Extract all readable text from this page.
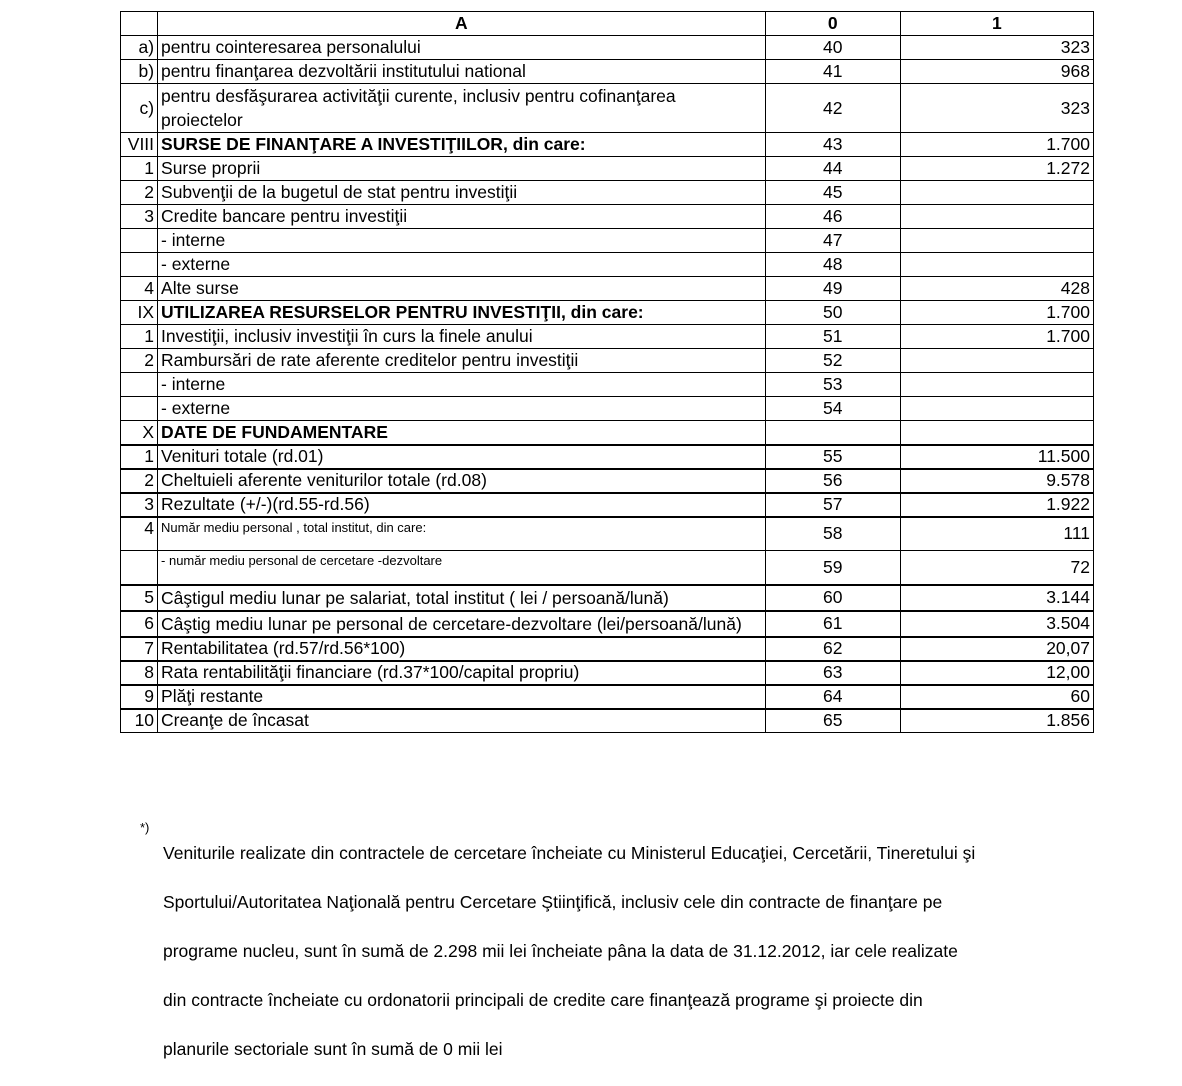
	A	0	1
a)	pentru cointeresarea personalului	40	323
b)	pentru finanţarea dezvoltării institutului national	41	968
c)	pentru desfăşurarea activităţii curente, inclusiv pentru cofinanţarea proiectelor	42	323
VIII	SURSE DE FINANŢARE A INVESTIŢIILOR, din care:	43	1.700
1	Surse proprii	44	1.272
2	Subvenţii de la bugetul de stat pentru investiţii	45	
3	Credite bancare pentru investiţii	46	
	- interne	47	
	- externe	48	
4	Alte surse	49	428
IX	UTILIZAREA RESURSELOR PENTRU INVESTIŢII, din care:	50	1.700
1	Investiţii, inclusiv investiţii în curs la finele anului	51	1.700
2	Rambursări de rate aferente creditelor pentru investiţii	52	
	- interne	53	
	- externe	54	
X	DATE DE FUNDAMENTARE		
1	Venituri totale (rd.01)	55	11.500
2	Cheltuieli aferente veniturilor totale (rd.08)	56	9.578
3	Rezultate (+/-)(rd.55-rd.56)	57	1.922
4	Număr mediu personal , total institut, din care:	58	111
	- număr mediu personal de cercetare -dezvoltare	59	72
5	Câştigul mediu lunar pe salariat, total institut ( lei / persoană/lună)	60	3.144
6	Câştig mediu lunar pe personal de cercetare-dezvoltare (lei/persoană/lună)	61	3.504
7	Rentabilitatea (rd.57/rd.56*100)	62	20,07
8	Rata rentabilităţii financiare (rd.37*100/capital propriu)	63	12,00
9	Plăţi restante	64	60
10	Creanţe de încasat	65	1.856
*)

Veniturile realizate din contractele de cercetare încheiate cu Ministerul Educaţiei, Cercetării, Tineretului şi

Sportului/Autoritatea Naţională pentru Cercetare Ştiinţifică, inclusiv cele din contracte de finanţare pe

programe nucleu, sunt în sumă de 2.298 mii lei încheiate pâna la data de 31.12.2012, iar cele realizate

din contracte încheiate cu ordonatorii principali de credite care finanţează programe şi proiecte din

planurile sectoriale sunt în sumă de 0 mii lei
